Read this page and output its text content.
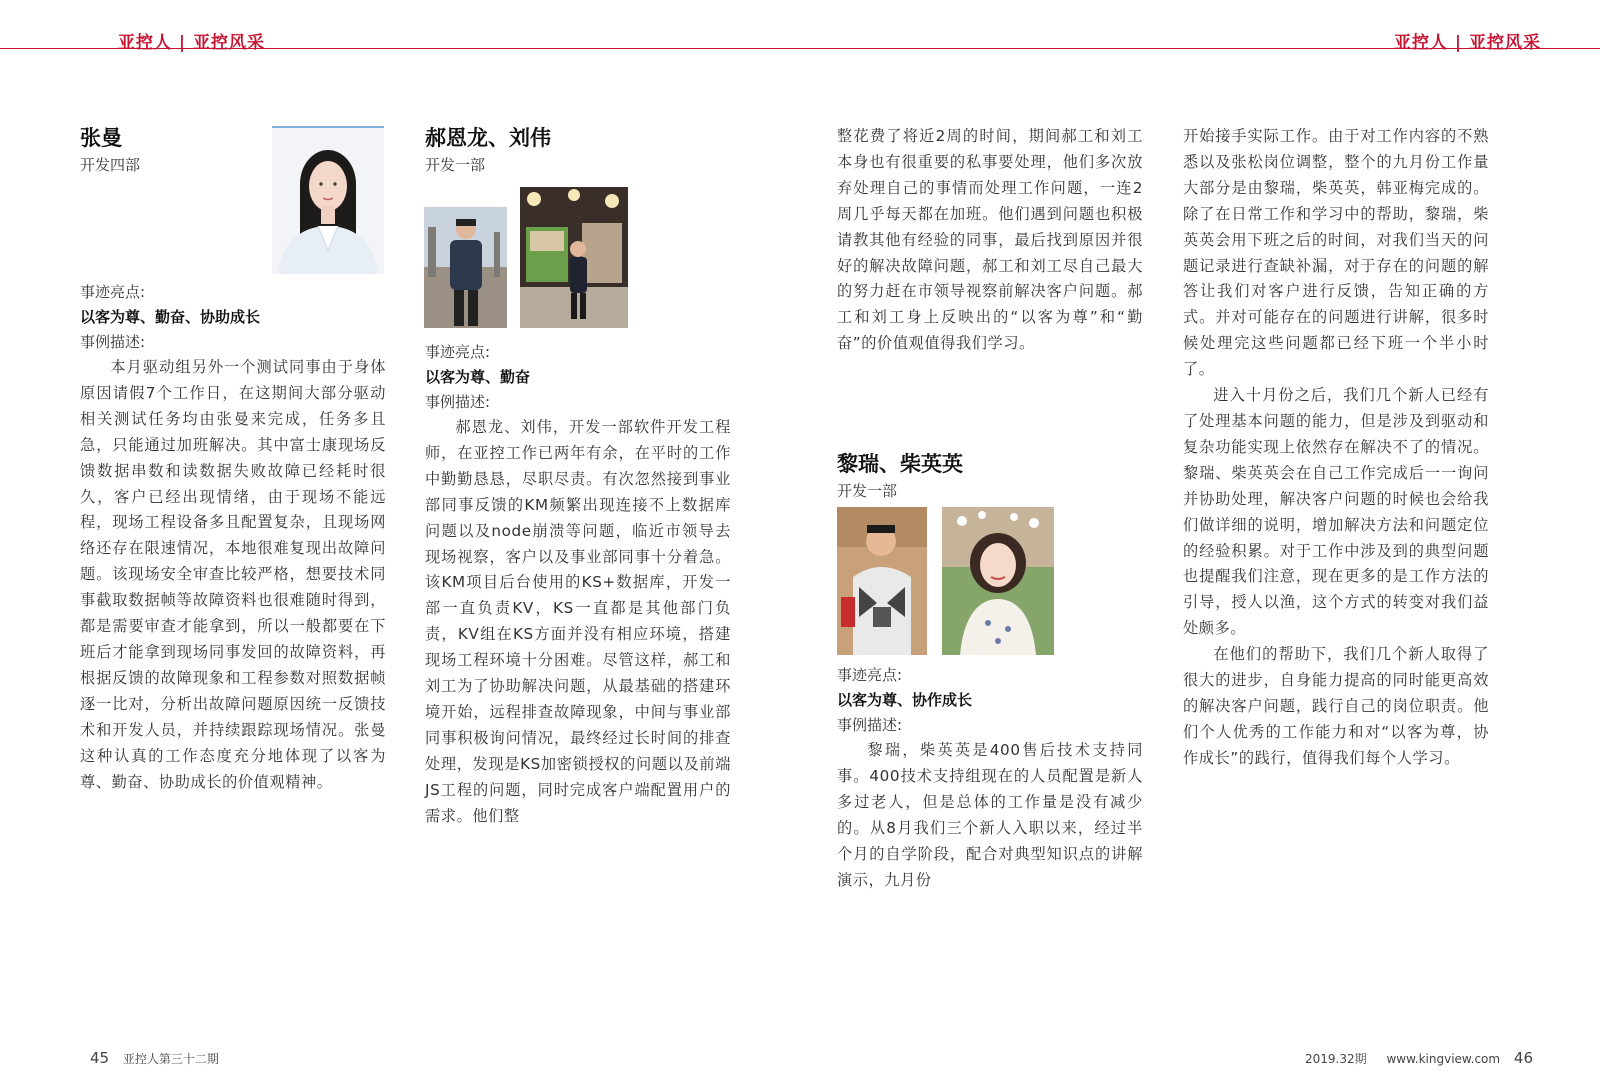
亚控人 | 亚控风采	亚控人 | 亚控风采

张曼

开发四部

事迹亮点:
以客为尊、勤奋、协助成长
事例描述:

本月驱动组另外一个测试同事由于身体原因请假7个工作日，在这期间大部分驱动相关测试任务均由张曼来完成，任务多且急，只能通过加班解决。其中富士康现场反馈数据串数和读数据失败故障已经耗时很久，客户已经出现情绪，由于现场不能远程，现场工程设备多且配置复杂，且现场网络还存在限速情况，本地很难复现出故障问题。该现场安全审查比较严格，想要技术同事截取数据帧等故障资料也很难随时得到，都是需要审查才能拿到，所以一般都要在下班后才能拿到现场同事发回的故障资料，再根据反馈的故障现象和工程参数对照数据帧逐一比对，分析出故障问题原因统一反馈技术和开发人员，并持续跟踪现场情况。张曼这种认真的工作态度充分地体现了以客为尊、勤奋、协助成长的价值观精神。

郝恩龙、刘伟

开发一部

事迹亮点:
以客为尊、勤奋
事例描述:

郝恩龙、刘伟，开发一部软件开发工程师，在亚控工作已两年有余，在平时的工作中勤勤恳恳，尽职尽责。有次忽然接到事业部同事反馈的KM频繁出现连接不上数据库问题以及node崩溃等问题，临近市领导去现场视察，客户以及事业部同事十分着急。该KM项目后台使用的KS+数据库，开发一部一直负责KV，KS一直都是其他部门负责，KV组在KS方面并没有相应环境，搭建现场工程环境十分困难。尽管这样，郝工和刘工为了协助解决问题，从最基础的搭建环境开始，远程排查故障现象，中间与事业部同事积极询问情况，最终经过长时间的排查处理，发现是KS加密锁授权的问题以及前端JS工程的问题，同时完成客户端配置用户的需求。他们整

整花费了将近2周的时间，期间郝工和刘工本身也有很重要的私事要处理，他们多次放弃处理自己的事情而处理工作问题，一连2周几乎每天都在加班。他们遇到问题也积极请教其他有经验的同事，最后找到原因并很好的解决故障问题，郝工和刘工尽自己最大的努力赶在市领导视察前解决客户问题。郝工和刘工身上反映出的“以客为尊”和“勤奋”的价值观值得我们学习。

黎瑞、柴英英

开发一部

事迹亮点:
以客为尊、协作成长
事例描述:

黎瑞，柴英英是400售后技术支持同事。400技术支持组现在的人员配置是新人多过老人，但是总体的工作量是没有减少的。从8月我们三个新人入职以来，经过半个月的自学阶段，配合对典型知识点的讲解演示，九月份

开始接手实际工作。由于对工作内容的不熟悉以及张松岗位调整，整个的九月份工作量大部分是由黎瑞，柴英英，韩亚梅完成的。除了在日常工作和学习中的帮助，黎瑞，柴英英会用下班之后的时间，对我们当天的问题记录进行查缺补漏，对于存在的问题的解答让我们对客户进行反馈，告知正确的方式。并对可能存在的问题进行讲解，很多时候处理完这些问题都已经下班一个半小时了。

进入十月份之后，我们几个新人已经有了处理基本问题的能力，但是涉及到驱动和复杂功能实现上依然存在解决不了的情况。黎瑞、柴英英会在自己工作完成后一一询问并协助处理，解决客户问题的时候也会给我们做详细的说明，增加解决方法和问题定位的经验积累。对于工作中涉及到的典型问题也提醒我们注意，现在更多的是工作方法的引导，授人以渔，这个方式的转变对我们益处颇多。

在他们的帮助下，我们几个新人取得了很大的进步，自身能力提高的同时能更高效的解决客户问题，践行自己的岗位职责。他们个人优秀的工作能力和对“以客为尊，协作成长”的践行，值得我们每个人学习。

45 亚控人第三十二期	2019.32期 www.kingview.com 46
